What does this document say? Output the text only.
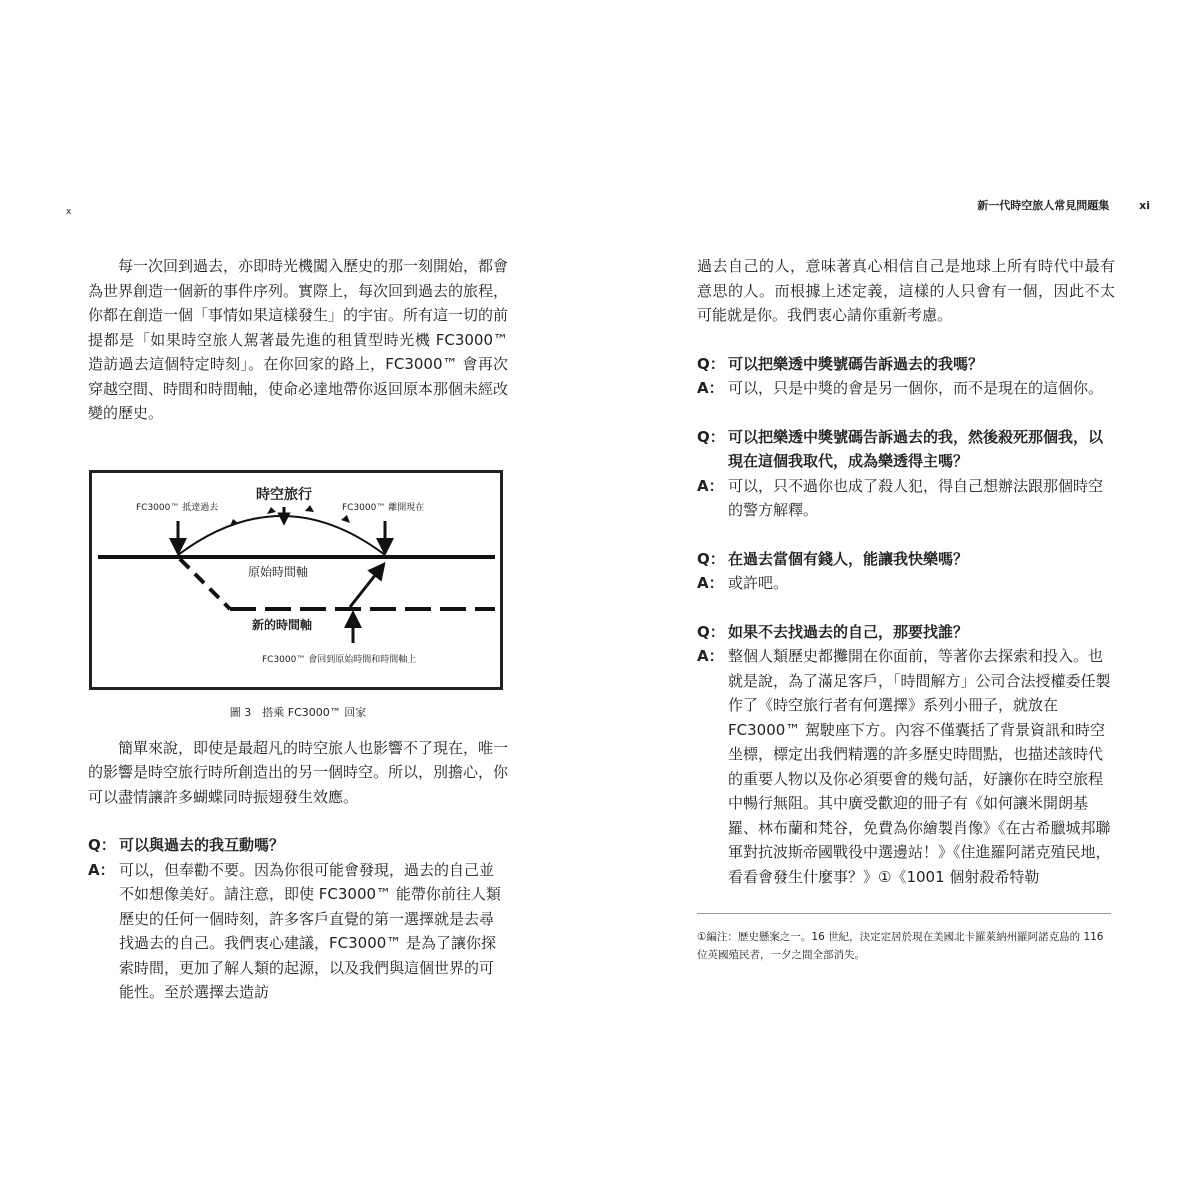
x	新一代時空旅人常見問題集	xi

每一次回到過去，亦即時光機闖入歷史的那一刻開始，都會為世界創造一個新的事件序列。實際上，每次回到過去的旅程，你都在創造一個「事情如果這樣發生」的宇宙。所有這一切的前提都是「如果時空旅人駕著最先進的租賃型時光機 FC3000™ 造訪過去這個特定時刻」。在你回家的路上，FC3000™ 會再次穿越空間、時間和時間軸，使命必達地帶你返回原本那個未經改變的歷史。

時空旅行
FC3000™ 抵達過去	FC3000™ 離開現在
原始時間軸
新的時間軸
FC3000™ 會回到原始時間和時間軸上
圖 3　搭乘 FC3000™ 回家

簡單來說，即使是最超凡的時空旅人也影響不了現在，唯一的影響是時空旅行時所創造出的另一個時空。所以，別擔心，你可以盡情讓許多蝴蝶同時振翅發生效應。

Q： 可以與過去的我互動嗎？
A： 可以，但奉勸不要。因為你很可能會發現，過去的自己並不如想像美好。請注意，即使 FC3000™ 能帶你前往人類歷史的任何一個時刻，許多客戶直覺的第一選擇就是去尋找過去的自己。我們衷心建議，FC3000™ 是為了讓你探索時間，更加了解人類的起源，以及我們與這個世界的可能性。至於選擇去造訪

過去自己的人，意味著真心相信自己是地球上所有時代中最有意思的人。而根據上述定義，這樣的人只會有一個，因此不太可能就是你。我們衷心請你重新考慮。

Q： 可以把樂透中獎號碼告訴過去的我嗎？
A： 可以，只是中獎的會是另一個你，而不是現在的這個你。
Q： 可以把樂透中獎號碼告訴過去的我，然後殺死那個我，以現在這個我取代，成為樂透得主嗎？
A： 可以，只不過你也成了殺人犯，得自己想辦法跟那個時空的警方解釋。
Q： 在過去當個有錢人，能讓我快樂嗎？
A： 或許吧。
Q： 如果不去找過去的自己，那要找誰？
A： 整個人類歷史都攤開在你面前，等著你去探索和投入。也就是說，為了滿足客戶，「時間解方」公司合法授權委任製作了《時空旅行者有何選擇》系列小冊子，就放在 FC3000™ 駕駛座下方。內容不僅囊括了背景資訊和時空坐標，標定出我們精選的許多歷史時間點，也描述該時代的重要人物以及你必須要會的幾句話，好讓你在時空旅程中暢行無阻。其中廣受歡迎的冊子有《如何讓米開朗基羅、林布蘭和梵谷，免費為你繪製肖像》《在古希臘城邦聯軍對抗波斯帝國戰役中選邊站！》《住進羅阿諾克殖民地，看看會發生什麼事？》①《1001 個射殺希特勒
①編注：歷史懸案之一。16 世紀，決定定居於現在美國北卡羅萊納州羅阿諾克島的 116 位英國殖民者，一夕之間全部消失。
